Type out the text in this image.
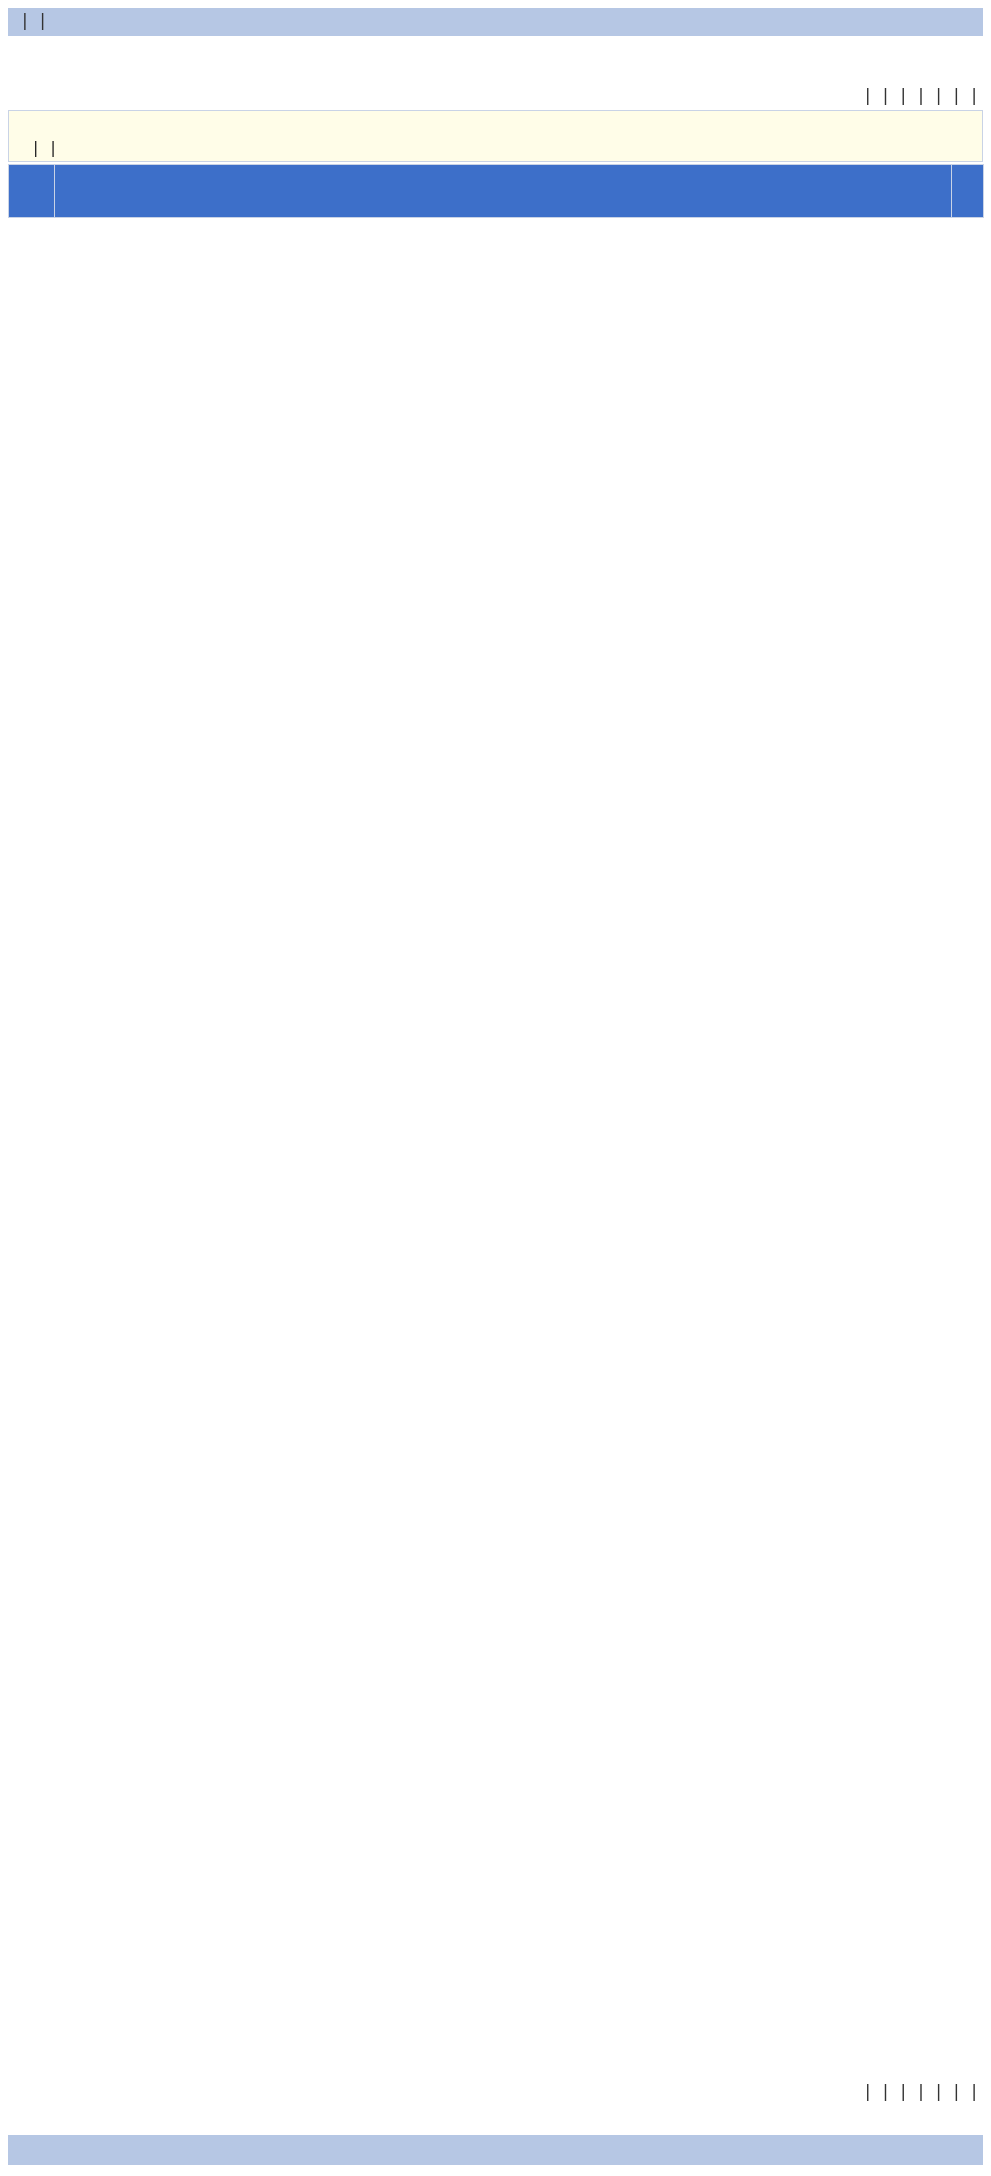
| |
| | | | | | |
| |

| | | | | | |
